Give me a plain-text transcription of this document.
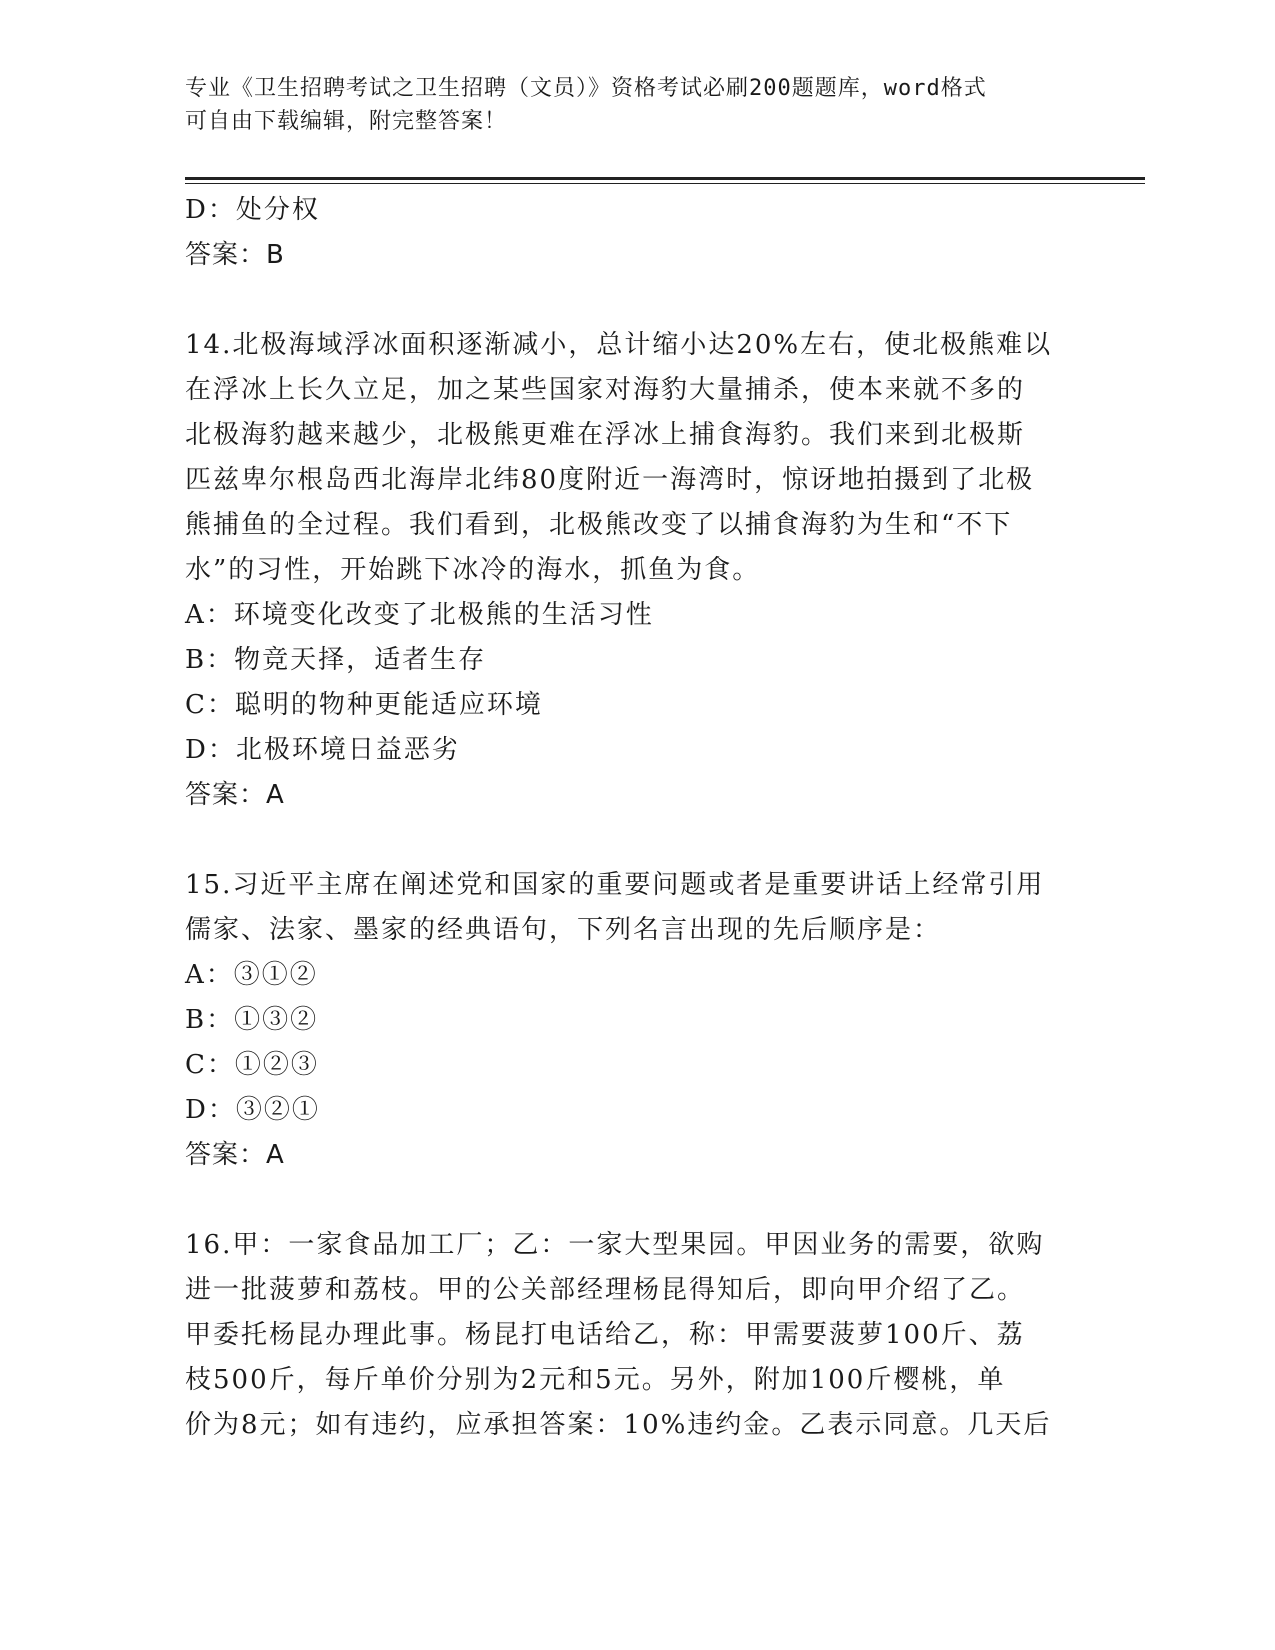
专业《卫生招聘考试之卫生招聘（文员）》资格考试必刷200题题库，word格式
可自由下载编辑，附完整答案！
D：处分权
答案：B
14.北极海域浮冰面积逐渐减小，总计缩小达20%左右，使北极熊难以
在浮冰上长久立足，加之某些国家对海豹大量捕杀，使本来就不多的
北极海豹越来越少，北极熊更难在浮冰上捕食海豹。我们来到北极斯
匹兹卑尔根岛西北海岸北纬80度附近一海湾时，惊讶地拍摄到了北极
熊捕鱼的全过程。我们看到，北极熊改变了以捕食海豹为生和“不下
水”的习性，开始跳下冰冷的海水，抓鱼为食。
A：环境变化改变了北极熊的生活习性
B：物竞天择，适者生存
C：聪明的物种更能适应环境
D：北极环境日益恶劣
答案：A
15.习近平主席在阐述党和国家的重要问题或者是重要讲话上经常引用
儒家、法家、墨家的经典语句，下列名言出现的先后顺序是：
A：③①②
B：①③②
C：①②③
D：③②①
答案：A
16.甲：一家食品加工厂；乙：一家大型果园。甲因业务的需要，欲购
进一批菠萝和荔枝。甲的公关部经理杨昆得知后，即向甲介绍了乙。
甲委托杨昆办理此事。杨昆打电话给乙，称：甲需要菠萝100斤、荔
枝500斤，每斤单价分别为2元和5元。另外，附加100斤樱桃，单
价为8元；如有违约，应承担答案：10%违约金。乙表示同意。几天后
